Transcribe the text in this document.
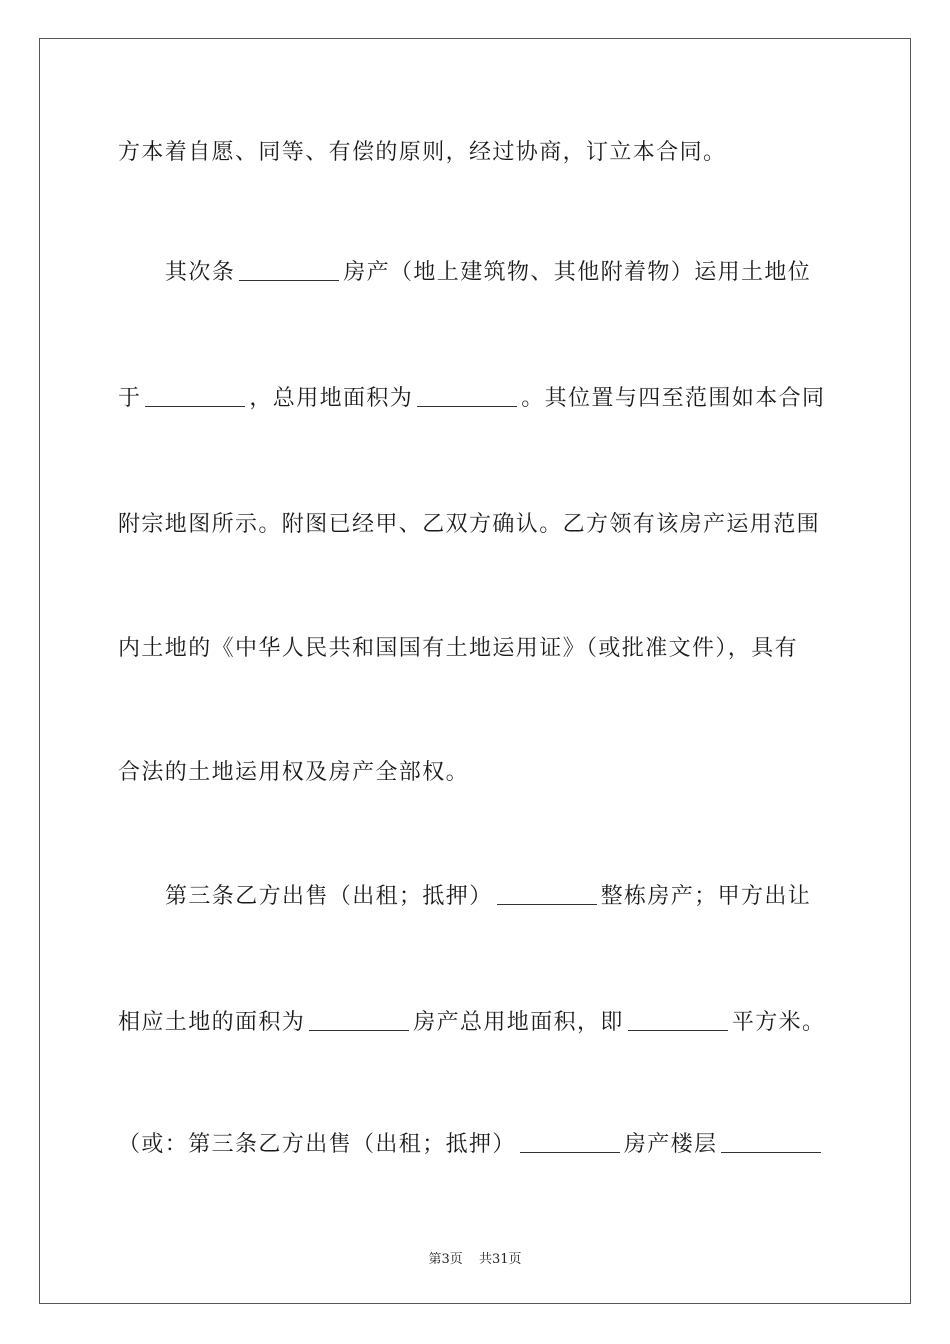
方本着自愿、同等、有偿的原则，经过协商，订立本合同。
其次条	房产（地上建筑物、其他附着物）运用土地位
于	，总用地面积为	。其位置与四至范围如本合同
附宗地图所示。附图已经甲、乙双方确认。乙方领有该房产运用范围
内土地的《中华人民共和国国有土地运用证》（或批准文件），具有
合法的土地运用权及房产全部权。
第三条乙方出售（出租；抵押）	整栋房产；甲方出让
相应土地的面积为	房产总用地面积，即	平方米。
（或：第三条乙方出售（出租；抵押）	房产楼层
第3页 共31页
